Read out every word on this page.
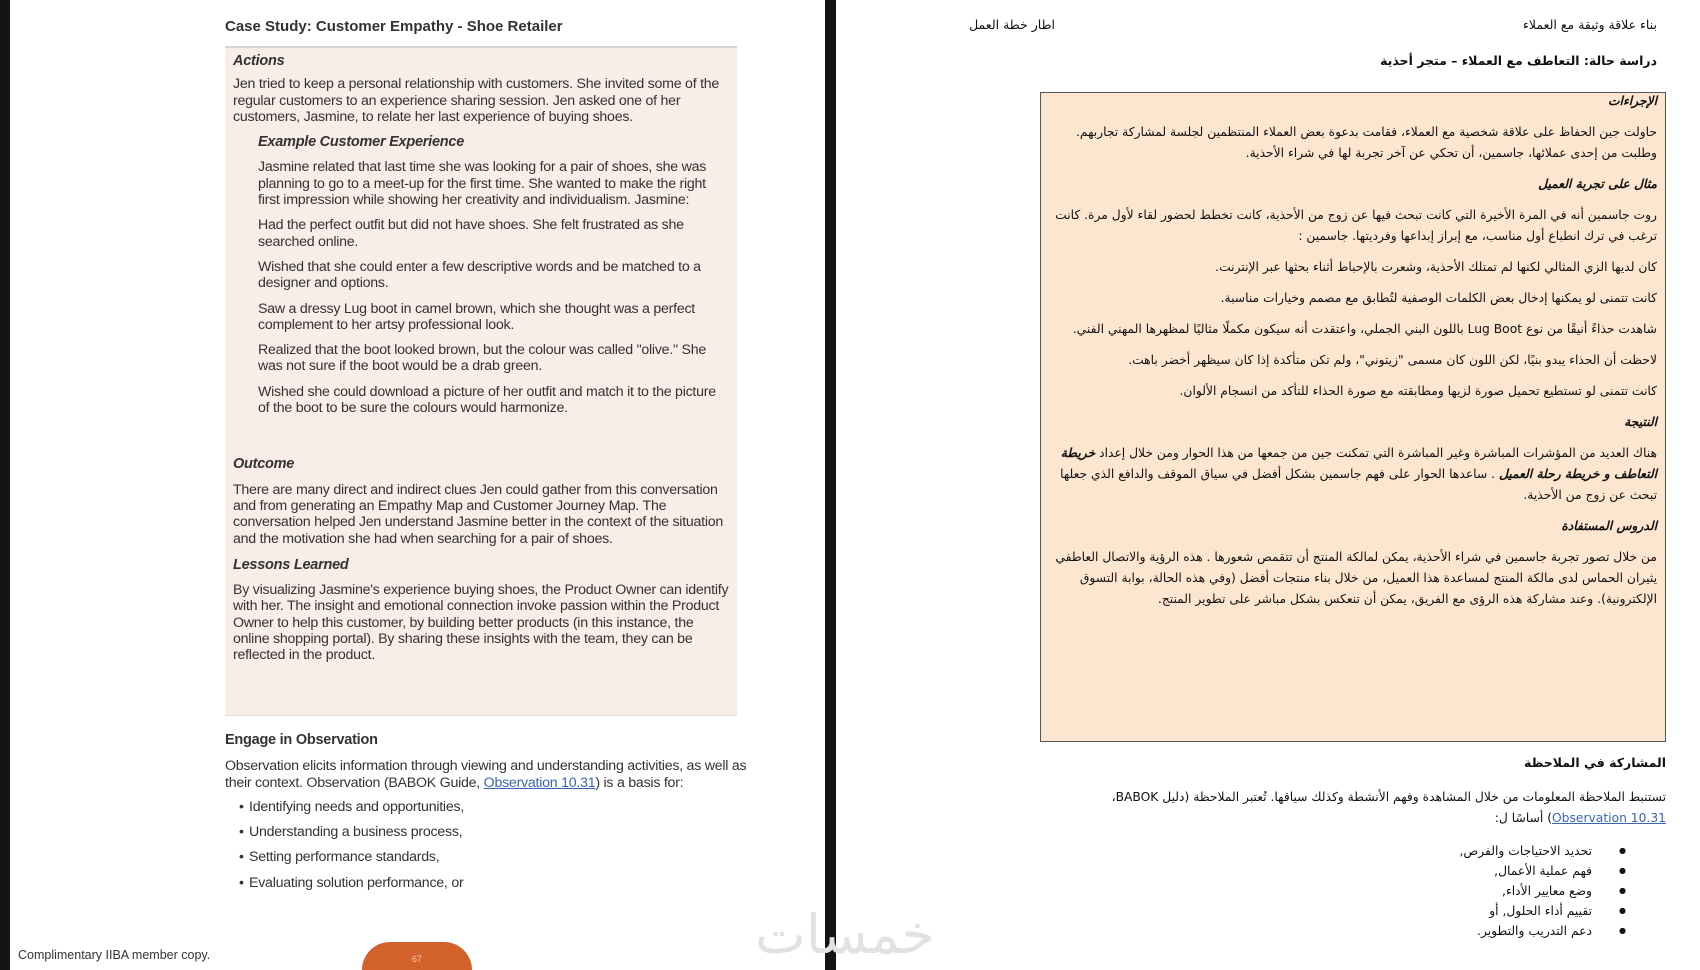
Case Study: Customer Empathy - Shoe Retailer
Actions

Jen tried to keep a personal relationship with customers. She invited some of the regular customers to an experience sharing session. Jen asked one of her customers, Jasmine, to relate her last experience of buying shoes.

Example Customer Experience

Jasmine related that last time she was looking for a pair of shoes, she was planning to go to a meet-up for the first time. She wanted to make the right first impression while showing her creativity and individualism. Jasmine:

Had the perfect outfit but did not have shoes. She felt frustrated as she searched online.

Wished that she could enter a few descriptive words and be matched to a designer and options.

Saw a dressy Lug boot in camel brown, which she thought was a perfect complement to her artsy professional look.

Realized that the boot looked brown, but the colour was called "olive." She was not sure if the boot would be a drab green.

Wished she could download a picture of her outfit and match it to the picture of the boot to be sure the colours would harmonize.

Outcome

There are many direct and indirect clues Jen could gather from this conversation and from generating an Empathy Map and Customer Journey Map. The conversation helped Jen understand Jasmine better in the context of the situation and the motivation she had when searching for a pair of shoes.

Lessons Learned

By visualizing Jasmine's experience buying shoes, the Product Owner can identify with her. The insight and emotional connection invoke passion within the Product Owner to help this customer, by building better products (in this instance, the online shopping portal). By sharing these insights with the team, they can be reflected in the product.

Engage in Observation

Observation elicits information through viewing and understanding activities, as well as their context. Observation (BABOK Guide, Observation 10.31) is a basis for:

• Identifying needs and opportunities,
• Understanding a business process,
• Setting performance standards,
• Evaluating solution performance, or
Complimentary IIBA member copy.	67	خمسات
بناء علاقة وثيقة مع العملاء
اطار خطة العمل
دراسة حالة: التعاطف مع العملاء – متجر أحذية
الإجراءات

حاولت جين الحفاظ على علاقة شخصية مع العملاء، فقامت بدعوة بعض العملاء المنتظمين لجلسة لمشاركة تجاربهم. وطلبت من إحدى عملائها، جاسمين، أن تحكي عن آخر تجربة لها في شراء الأحذية.

مثال على تجربة العميل

روت جاسمين أنه في المرة الأخيرة التي كانت تبحث فيها عن زوج من الأحذية، كانت تخطط لحضور لقاء لأول مرة. كانت ترغب في ترك انطباع أول مناسب، مع إبراز إبداعها وفرديتها. جاسمين :

كان لديها الزي المثالي لكنها لم تمتلك الأحذية، وشعرت بالإحباط أثناء بحثها عبر الإنترنت.

كانت تتمنى لو يمكنها إدخال بعض الكلمات الوصفية لتُطابق مع مصمم وخيارات مناسبة.

شاهدت حذاءً أنيقًا من نوع Lug Boot باللون البني الجملي، واعتقدت أنه سيكون مكملًا مثاليًا لمظهرها المهني الفني.

لاحظت أن الحذاء يبدو بنيًا، لكن اللون كان مسمى "زيتوني"، ولم تكن متأكدة إذا كان سيظهر أخضر باهت.

كانت تتمنى لو تستطيع تحميل صورة لزيها ومطابقته مع صورة الحذاء للتأكد من انسجام الألوان.

النتيجة

هناك العديد من المؤشرات المباشرة وغير المباشرة التي تمكنت جين من جمعها من هذا الحوار ومن خلال إعداد خريطة التعاطف و خريطة رحلة العميل . ساعدها الحوار على فهم جاسمين بشكل أفضل في سياق الموقف والدافع الذي جعلها تبحث عن زوج من الأحذية.

الدروس المستفادة

من خلال تصور تجربة جاسمين في شراء الأحذية، يمكن لمالكة المنتج أن تتقمص شعورها . هذه الرؤية والاتصال العاطفي يثيران الحماس لدى مالكة المنتج لمساعدة هذا العميل، من خلال بناء منتجات أفضل (وفي هذه الحالة، بوابة التسوق الإلكترونية). وعند مشاركة هذه الرؤى مع الفريق، يمكن أن تنعكس بشكل مباشر على تطوير المنتج.

المشاركة في الملاحظة

تستنبط الملاحظة المعلومات من خلال المشاهدة وفهم الأنشطة وكذلك سياقها. تُعتبر الملاحظة (دليل BABOK، Observation 10.31) أساسًا ل:

● تحديد الاحتياجات والفرص,
● فهم عملية الأعمال,
● وضع معايير الأداء,
● تقييم أداء الحلول, أو
● دعم التدريب والتطوير.
